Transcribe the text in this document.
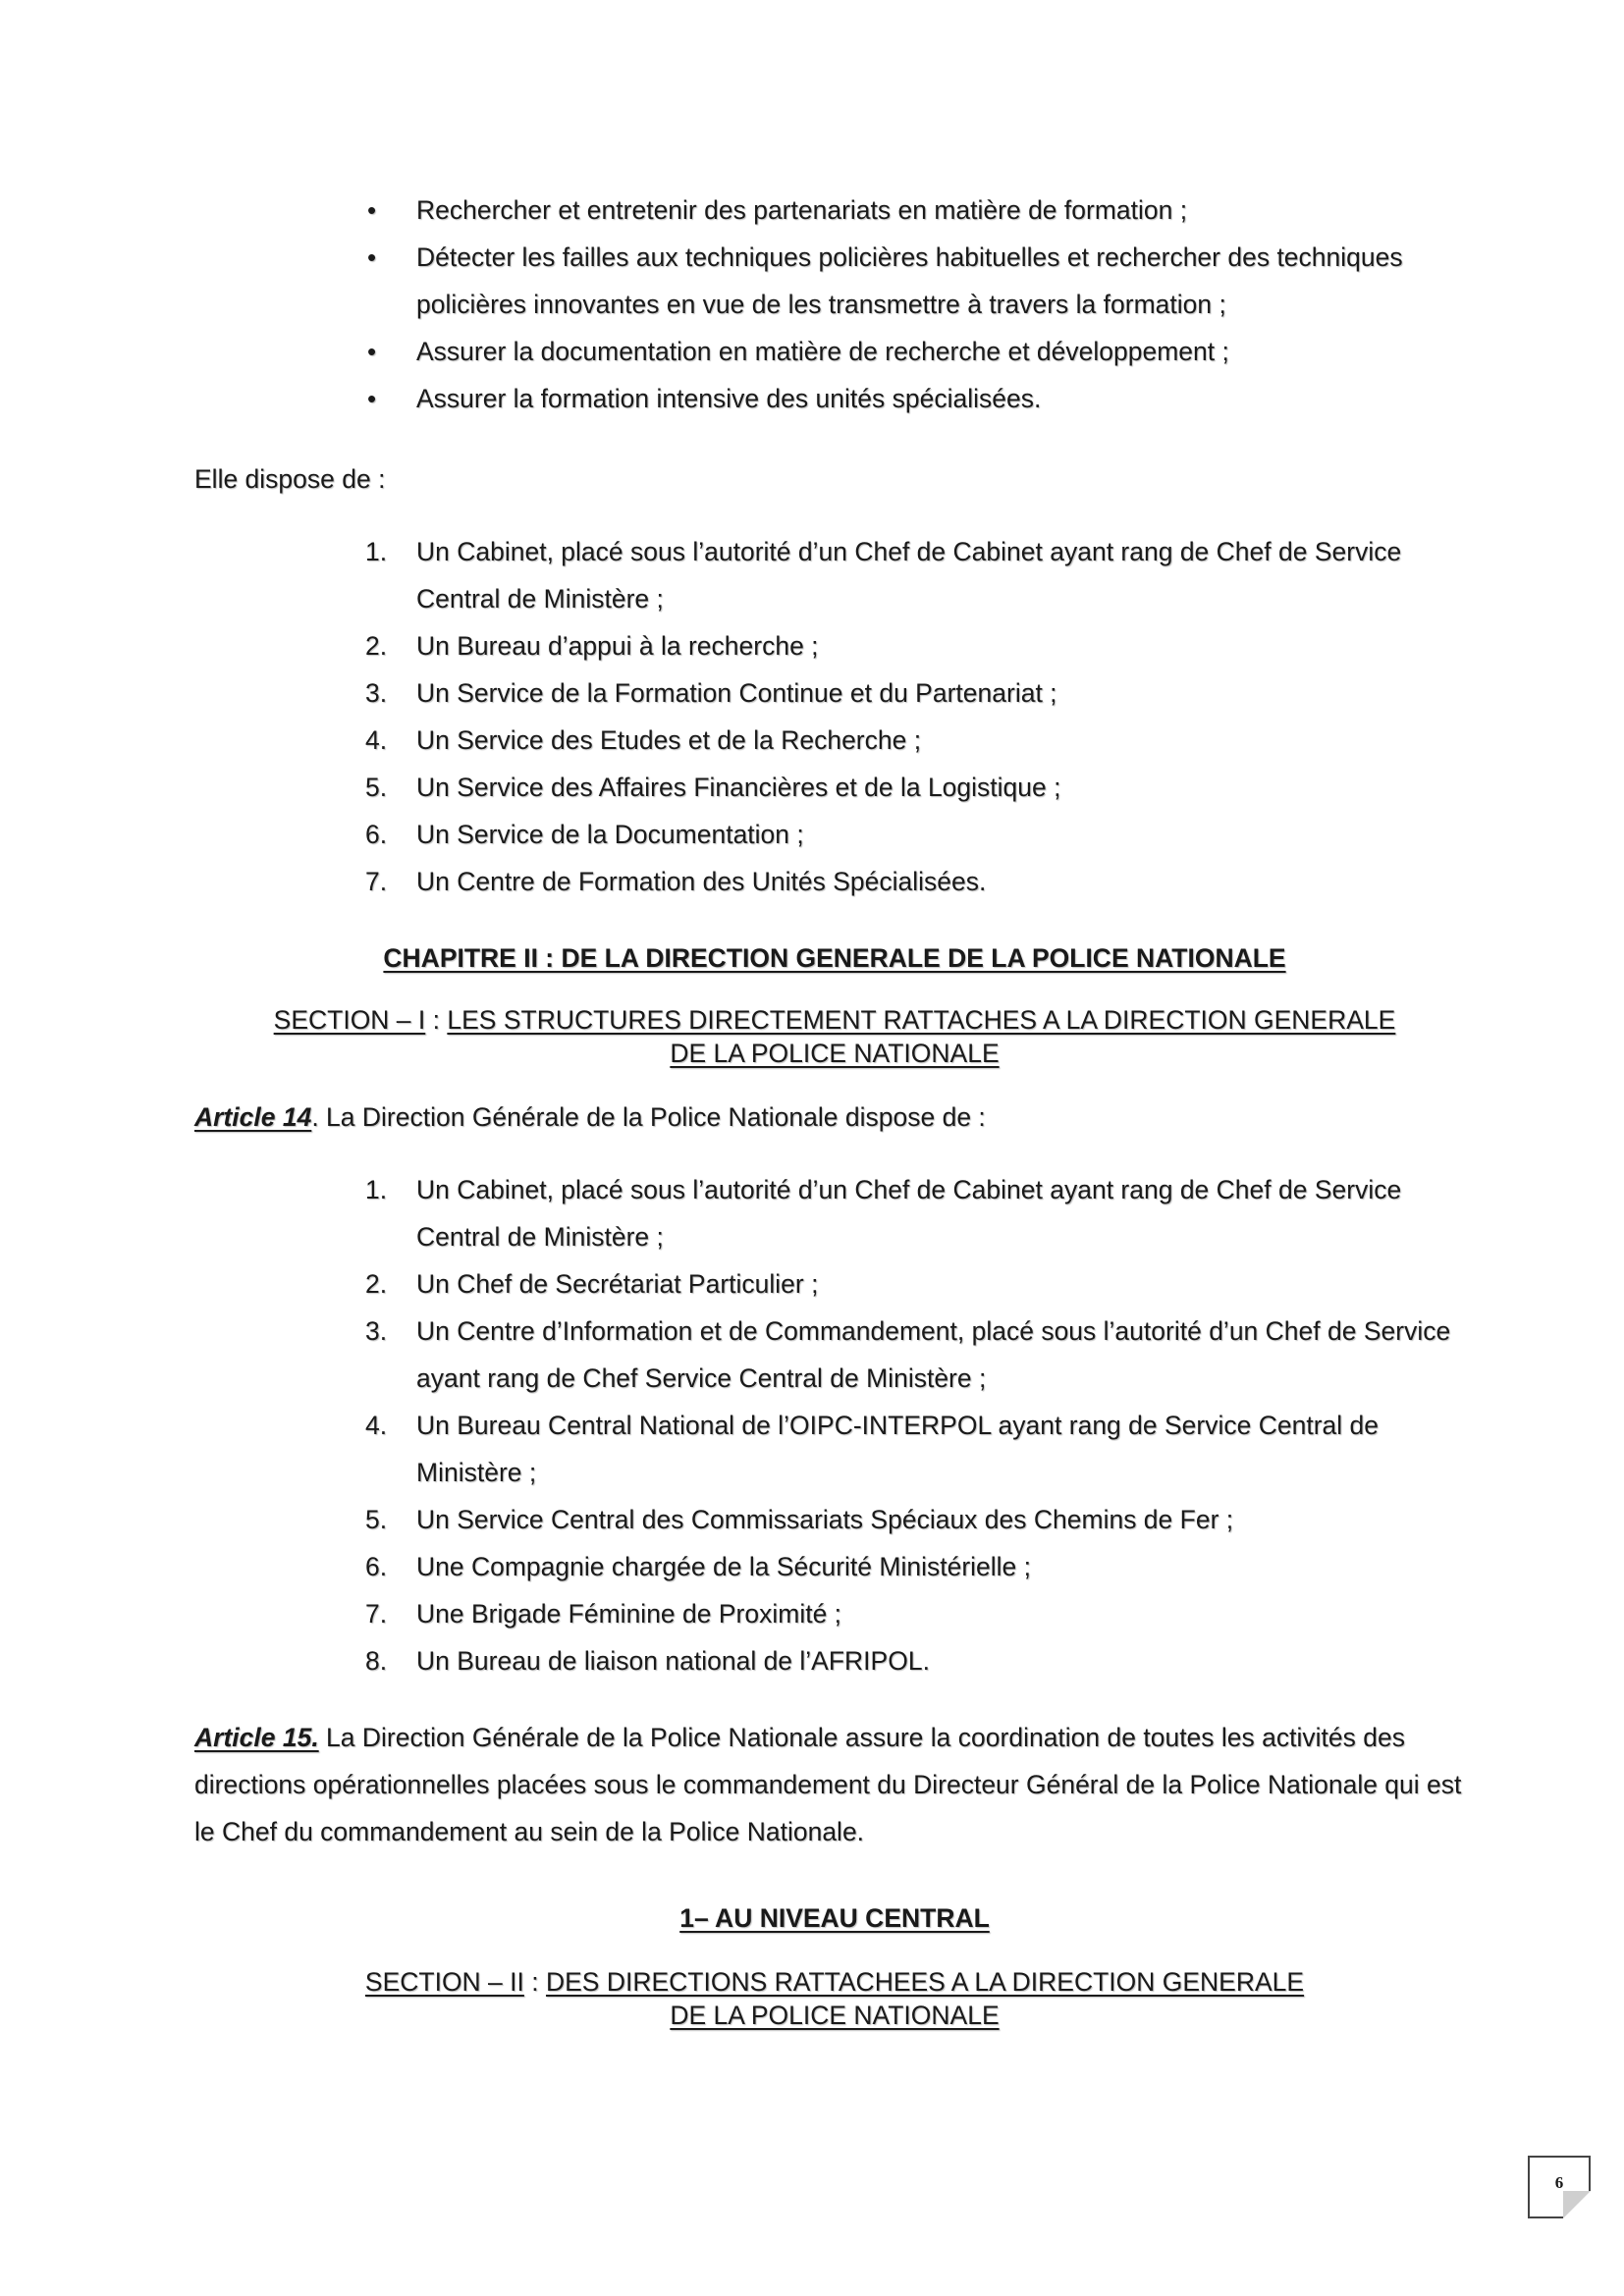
• Rechercher et entretenir des partenariats en matière de formation ;
• Détecter les failles aux techniques policières habituelles et rechercher des techniques policières innovantes en vue de les transmettre à travers la formation ;
• Assurer la documentation en matière de recherche et développement ;
• Assurer la formation intensive des unités spécialisées.
Elle dispose de :
1. Un Cabinet, placé sous l’autorité d’un Chef de Cabinet ayant rang de Chef de Service Central de Ministère ;
2. Un Bureau d’appui à la recherche ;
3. Un Service de la Formation Continue et du Partenariat ;
4. Un Service des Etudes et de la Recherche ;
5. Un Service des Affaires Financières et de la Logistique ;
6. Un Service de la Documentation ;
7. Un Centre de Formation des Unités Spécialisées.
CHAPITRE II : DE LA DIRECTION GENERALE DE LA POLICE NATIONALE
SECTION – I : LES STRUCTURES DIRECTEMENT RATTACHES A LA DIRECTION GENERALE
DE LA POLICE NATIONALE
Article 14. La Direction Générale de la Police Nationale dispose de :
1. Un Cabinet, placé sous l’autorité d’un Chef de Cabinet ayant rang de Chef de Service Central de Ministère ;
2. Un Chef de Secrétariat Particulier ;
3. Un Centre d’Information et de Commandement, placé sous l’autorité d’un Chef de Service ayant rang de Chef Service Central de Ministère ;
4. Un Bureau Central National de l’OIPC-INTERPOL ayant rang de Service Central de Ministère ;
5. Un Service Central des Commissariats Spéciaux des Chemins de Fer ;
6. Une Compagnie chargée de la Sécurité Ministérielle ;
7. Une Brigade Féminine de Proximité ;
8. Un Bureau de liaison national de l’AFRIPOL.
Article 15. La Direction Générale de la Police Nationale assure la coordination de toutes les activités des directions opérationnelles placées sous le commandement du Directeur Général de la Police Nationale qui est le Chef du commandement au sein de la Police Nationale.
1– AU NIVEAU CENTRAL
SECTION – II : DES DIRECTIONS RATTACHEES A LA DIRECTION GENERALE
DE LA POLICE NATIONALE
6
